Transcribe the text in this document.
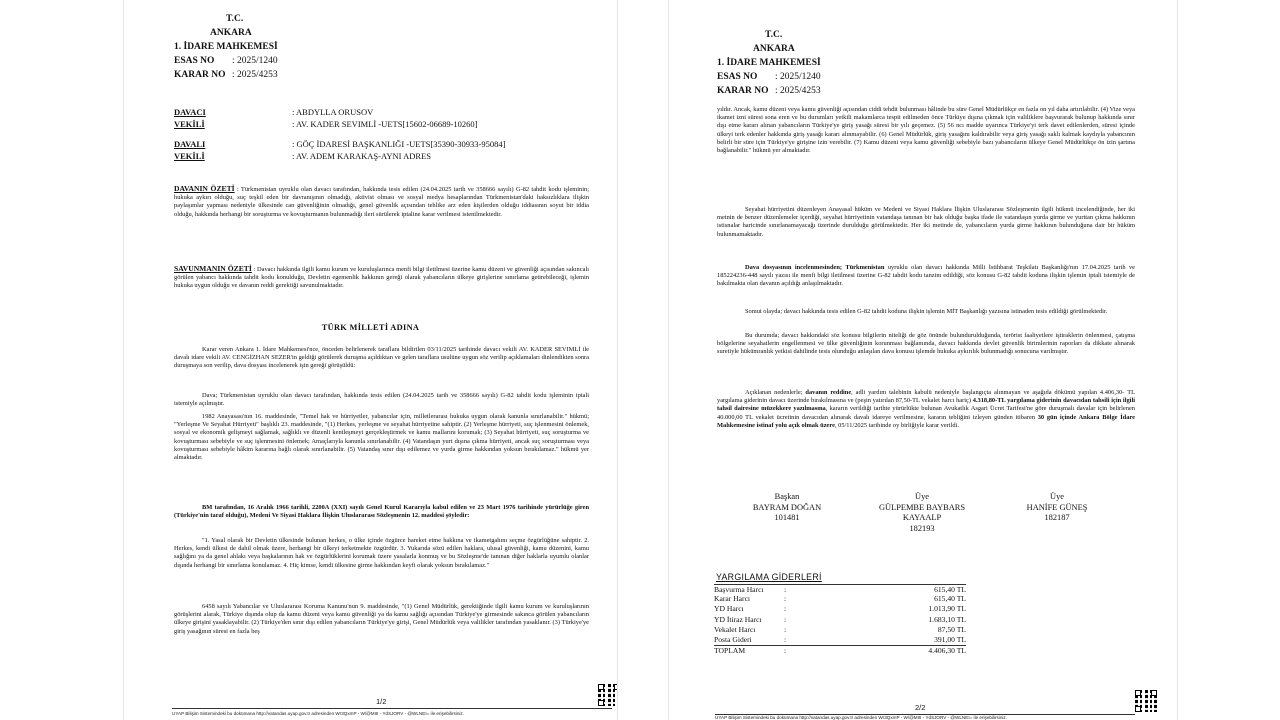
T.C.
ANKARA
1. İDARE MAHKEMESİ
ESAS NO : 2025/1240
KARAR NO : 2025/4253
DAVACI	: ABDYLLA ORUSOV
VEKİLİ	: AV. KADER SEVIMLİ -UETS[15602-06689-10260]
DAVALI	: GÖÇ İDARESİ BAŞKANLIĞI -UETS[35390-30933-95084]
VEKİLİ	: AV. ADEM KARAKAŞ-AYNI ADRES
DAVANIN ÖZETİ : Türkmenistan uyruklu olan davacı tarafından, hakkında tesis edilen (24.04.2025 tarih ve 358666 sayılı) G-82 tahdit kodu işleminin; hukuka aykırı olduğu, suç teşkil eden bir davranışının olmadığı, aktivist olması ve sosyal medya hesaplarından Türkmenistan'daki haksızlıklara ilişkin paylaşımlar yapması nedeniyle ülkesinde can güvenliğinin olmadığı, genel güvenlik açısından tehlike arz eden kişilerden olduğu iddiasının soyut bir iddia olduğu, hakkında herhangi bir soruşturma ve kovuşturmanın bulunmadığı ileri sürülerek iptaline karar verilmesi istenilmektedir.
SAVUNMANIN ÖZETİ : Davacı hakkında ilgili kamu kurum ve kuruluşlarınca menfi bilgi iletilmesi üzerine kamu düzeni ve güvenliği açısından sakıncalı görülen yabancı hakkında tahdit kodu konulduğu, Devletin egemenlik hakkının gereği olarak yabancıların ülkeye girişlerine sınırlama getirebileceği, işlemin hukuka uygun olduğu ve davanın reddi gerektiği savunulmaktadır.
TÜRK MİLLETİ ADINA
Karar veren Ankara 1. İdare Mahkemesi'nce, önceden belirlenerek taraflara bildirilen 03/11/2025 tarihinde davacı vekili AV. KADER SEVIMLİ ile davalı idare vekili AV. CENGİZHAN SEZER'in geldiği görülerek duruşma açıldıktan ve gelen taraflara usulüne uygun söz verilip açıklamaları dinlendikten sonra duruşmaya son verilip, dava dosyası incelenerek işin gereği görüşüldü:
Dava; Türkmenistan uyruklu olan davacı tarafından, hakkında tesis edilen (24.04.2025 tarih ve 358666 sayılı) G-82 tahdit kodu işleminin iptali istemiyle açılmıştır.
1982 Anayasası'nın 16. maddesinde, "Temel hak ve hürriyetler, yabancılar için, milletlerarası hukuka uygun olarak kanunla sınırlanabilir." hükmü; "Yerleşme Ve Seyahat Hürriyeti" başlıklı 23. maddesinde, "(1) Herkes, yerleşme ve seyahat hürriyetine sahiptir. (2) Yerleşme hürriyeti, suç işlenmesini önlemek, sosyal ve ekonomik gelişmeyi sağlamak, sağlıklı ve düzenli kentleşmeyi gerçekleştirmek ve kamu mallarını korumak; (3) Seyahat hürriyeti, suç soruşturma ve kovuşturması sebebiyle ve suç işlenmesini önlemek; Amaçlarıyla kanunla sınırlanabilir. (4) Vatandaşın yurt dışına çıkma hürriyeti, ancak suç soruşturması veya kovuşturması sebebiyle hâkim kararına bağlı olarak sınırlanabilir. (5) Vatandaş sınır dışı edilemez ve yurda girme hakkından yoksun bırakılamaz." hükmü yer almaktadır.
BM tarafından, 16 Aralık 1966 tarihli, 2200A (XXI) sayılı Genel Kurul Kararıyla kabul edilen ve 23 Mart 1976 tarihinde yürürlüğe giren (Türkiye'nin taraf olduğu), Medeni Ve Siyasi Haklara İlişkin Uluslararası Sözleşmenin 12. maddesi şöyledir:
"1. Yasal olarak bir Devletin ülkesinde bulunan herkes, o ülke içinde özgürce hareket etme hakkına ve ikametgahını seçme özgürlüğüne sahiptir. 2. Herkes, kendi ülkesi de dahil olmak üzere, herhangi bir ülkeyi terketmekte özgürdür. 3. Yukarıda sözü edilen haklara, ulusal güvenliği, kamu düzenini, kamu sağlığını ya da genel ahlakı veya başkalarının hak ve özgürlüklerini korumak üzere yasalarla konmuş ve bu Sözleşme'de tanınan diğer haklarla uyumlu olanlar dışında herhangi bir sınırlama konulamaz. 4. Hiç kimse, kendi ülkesine girme hakkından keyfi olarak yoksun bırakılamaz."
6458 sayılı Yabancılar ve Uluslararası Koruma Kanunu'nun 9. maddesinde, "(1) Genel Müdürlük, gerektiğinde ilgili kamu kurum ve kuruluşlarının görüşlerini alarak, Türkiye dışında olup da kamu düzeni veya kamu güvenliği ya da kamu sağlığı açısından Türkiye'ye girmesinde sakınca görülen yabancıların ülkeye girişini yasaklayabilir. (2) Türkiye'den sınır dışı edilen yabancıların Türkiye'ye girişi, Genel Müdürlük veya valilikler tarafından yasaklanır. (3) Türkiye'ye giriş yasağının süresi en fazla beş
1/2
UYAP Bilişim Sistemindeki bu dokümana http://vatandas.uyap.gov.tr adresinden Wr3QxmP - W/@MIII - YdSJORV - @WLNEI= ile erişebilirsiniz.
T.C.
ANKARA
1. İDARE MAHKEMESİ
ESAS NO : 2025/1240
KARAR NO : 2025/4253
yıldır. Ancak, kamu düzeni veya kamu güvenliği açısından ciddi tehdit bulunması hâlinde bu süre Genel Müdürlükçe en fazla on yıl daha artırılabilir. (4) Vize veya ikamet izni süresi sona eren ve bu durumları yetkili makamlarca tespit edilmeden önce Türkiye dışına çıkmak için valiliklere başvurarak bulunup hakkında sınır dışı etme kararı alınan yabancıların Türkiye'ye giriş yasağı süresi bir yılı geçemez. (5) 56 ncı madde uyarınca Türkiye'yi terk davet edilenlerden, süresi içinde ülkeyi terk edenler hakkında giriş yasağı kararı alınmayabilir. (6) Genel Müdürlük, giriş yasağını kaldırabilir veya giriş yasağı saklı kalmak kaydıyla yabancının belirli bir süre için Türkiye'ye girişine izin verebilir. (7) Kamu düzeni veya kamu güvenliği sebebiyle bazı yabancıların ülkeye Genel Müdürlükçe ön izin şartına bağlanabilir." hükmü yer almaktadır.
Seyahat hürriyetini düzenleyen Anayasal hüküm ve Medeni ve Siyasi Haklara İlişkin Uluslararası Sözleşmenin ilgili hükmü incelendiğinde, her iki metnin de benzer düzenlemeler içerdiği, seyahat hürriyetinin vatandaşa tanınan bir hak olduğu başka ifade ile vatandaşın yurda girme ve yurttan çıkma hakkının istisnalar haricinde sınırlanamayacağı üzerinde durulduğu görülmektedir. Her iki metinde de, yabancıların yurda girme hakkının bulunduğuna dair bir hüküm bulunmamaktadır.
Dava dosyasının incelenmesinden; Türkmenistan uyruklu olan davacı hakkında Milli İstihbarat Teşkilatı Başkanlığı'nın 17.04.2025 tarih ve 185224236-448 sayılı yazısı ile menfi bilgi iletilmesi üzerine G-82 tahdit kodu tanzim edildiği, söz konusu G-82 tahdit koduna ilişkin işlemin iptali istemiyle de bakılmakta olan davanın açıldığı anlaşılmaktadır.
Somut olayda; davacı hakkında tesis edilen G-82 tahdit koduna ilişkin işlemin MİT Başkanlığı yazısına istinaden tesis edildiği görülmektedir.
Bu durumda; davacı hakkındaki söz konusu bilgilerin niteliği de göz önünde bulundurulduğunda, terörist faaliyetlere iştiraklerin önlenmesi, çatışma bölgelerine seyahatlerin engellenmesi ve ülke güvenliğinin korunması bağlamında, davacı hakkında devlet güvenlik birimlerinin raporları da dikkate alınarak suretiyle hükümranlık yetkisi dahilinde tesis olunduğu anlaşılan dava konusu işlemde hukuka aykırılık bulunmadığı sonucuna varılmıştır.
Açıklanan nedenlerle; davanın reddine, adli yardım talebinin kabulü nedeniyle başlangıçta alınmayan ve aşağıda dökümü yapılan 4.406,30- TL yargılama giderinin davacı üzerinde bırakılmasına ve (peşin yatırılan 87,50-TL vekalet harcı hariç) 4.318,80-TL yargılama giderinin davacıdan tahsili için ilgili tahsil dairesine müzekkere yazılmasına, kararın verildiği tarihte yürürlükte bulunan Avukatlık Asgari Ücret Tarifesi'ne göre duruşmalı davalar için belirlenen 40.000,00 TL vekalet ücretinin davacıdan alınarak davalı idareye verilmesine, kararın tebliğini izleyen günden itibaren 30 gün içinde Ankara Bölge İdare Mahkemesine istinaf yolu açık olmak üzere, 05/11/2025 tarihinde oy birliğiyle karar verildi.
Başkan
BAYRAM DOĞAN
101481
Üye
GÜLPEMBE BAYBARS
KAYAALP
182193
Üye
HANİFE GÜNEŞ
182187
YARGILAMA GİDERLERİ
Başvurma Harcı	:	615,40 TL
Karar Harcı	:	615,40 TL
YD Harcı	:	1.013,90 TL
YD İtiraz Harcı	:	1.683,10 TL
Vekalet Harcı	:	87,50 TL
Posta Gideri	:	391,00 TL
TOPLAM	:	4.406,30 TL
2/2
UYAP Bilişim Sistemindeki bu dokümana http://vatandas.uyap.gov.tr adresinden Wr3QxmP - W/@MIII - YdSJORV - @WLNEI= ile erişebilirsiniz.
